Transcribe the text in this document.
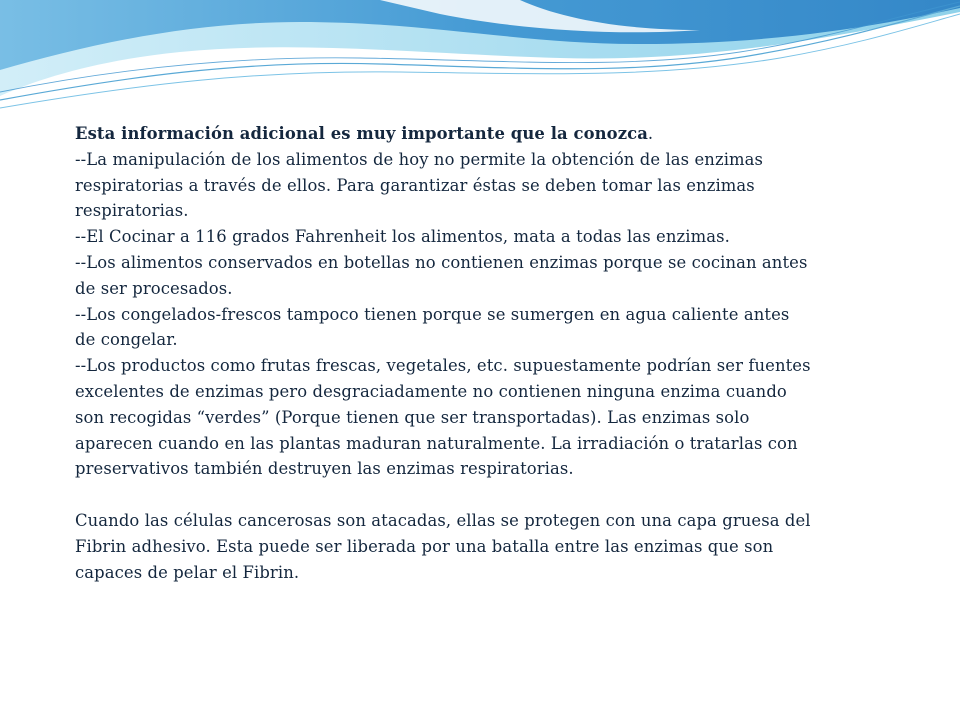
Esta información adicional es muy importante que la conozca.

--La manipulación de los alimentos de hoy no permite la obtención de las enzimas respiratorias a través de ellos. Para garantizar éstas se deben tomar las enzimas respiratorias.

--El Cocinar a 116 grados Fahrenheit los alimentos, mata a todas las enzimas.

--Los alimentos conservados en botellas no contienen enzimas porque se cocinan antes de ser procesados.

--Los congelados-frescos tampoco tienen porque se sumergen en agua caliente antes de congelar.

--Los productos como frutas frescas, vegetales, etc. supuestamente podrían ser fuentes excelentes de enzimas pero desgraciadamente no contienen ninguna enzima cuando son recogidas “verdes” (Porque tienen que ser transportadas). Las enzimas solo aparecen cuando en las plantas maduran naturalmente. La irradiación o tratarlas con preservativos también destruyen las enzimas respiratorias.

Cuando las células cancerosas son atacadas, ellas se protegen con una capa gruesa del Fibrin adhesivo. Esta puede ser liberada por una batalla entre las enzimas que son capaces de pelar el Fibrin.
